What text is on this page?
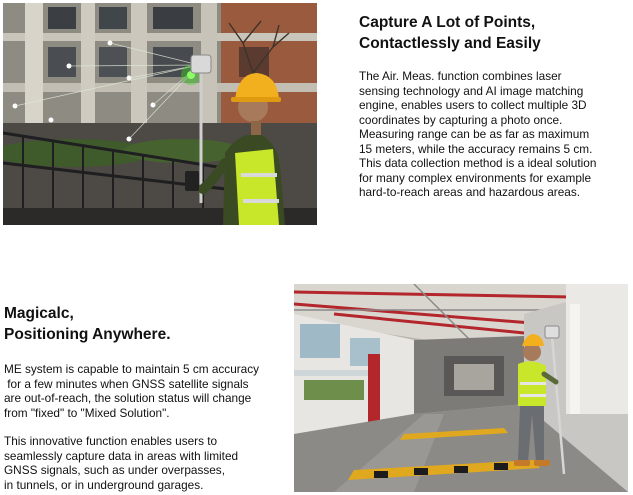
Capture A Lot of Points,
Contactlessly and Easily
The Air. Meas. function combines laser
sensing technology and AI image matching
engine, enables users to collect multiple 3D
coordinates by capturing a photo once.
Measuring range can be as far as maximum
15 meters, while the accuracy remains 5 cm.
This data collection method is a ideal solution
for many complex environments for example
hard-to-reach areas and hazardous areas.
Magicalc,
Positioning Anywhere.
ME system is capable to maintain 5 cm accuracy
for a few minutes when GNSS satellite signals
are out-of-reach, the solution status will change
from "fixed" to "Mixed Solution".
This innovative function enables users to
seamlessly capture data in areas with limited
GNSS signals, such as under overpasses,
in tunnels, or in underground garages.
